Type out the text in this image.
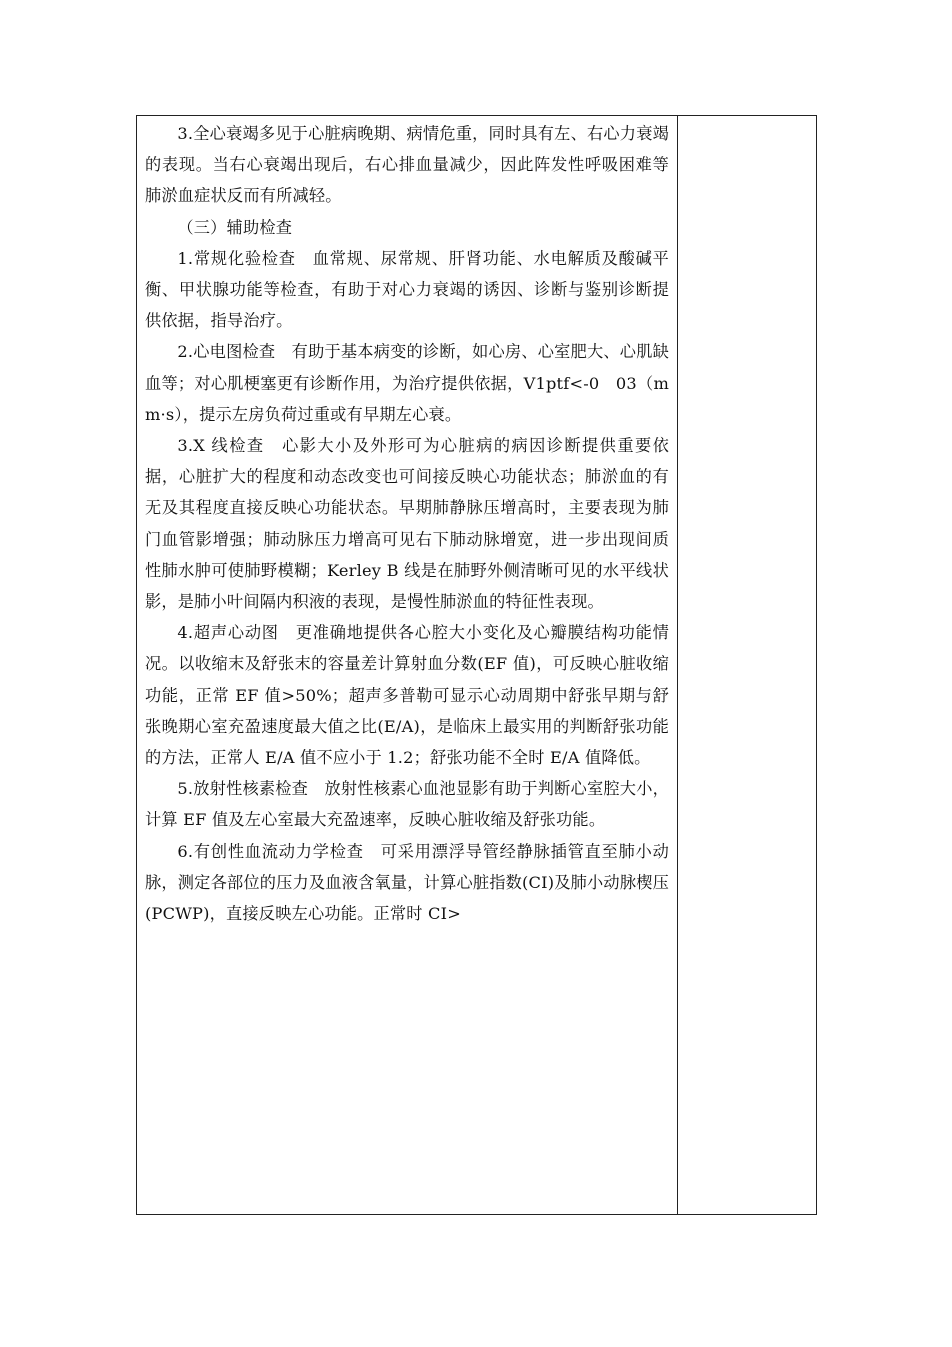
3.全心衰竭多见于心脏病晚期、病情危重，同时具有左、右心力衰竭的表现。当右心衰竭出现后，右心排血量减少，因此阵发性呼吸困难等肺淤血症状反而有所减轻。

（三）辅助检查

1.常规化验检查　血常规、尿常规、肝肾功能、水电解质及酸碱平衡、甲状腺功能等检查，有助于对心力衰竭的诱因、诊断与鉴别诊断提供依据，指导治疗。

2.心电图检查　有助于基本病变的诊断，如心房、心室肥大、心肌缺血等；对心肌梗塞更有诊断作用，为治疗提供依据，V1ptf<-0　03（mm·s），提示左房负荷过重或有早期左心衰。

3.X 线检查　心影大小及外形可为心脏病的病因诊断提供重要依据，心脏扩大的程度和动态改变也可间接反映心功能状态；肺淤血的有无及其程度直接反映心功能状态。早期肺静脉压增高时，主要表现为肺门血管影增强；肺动脉压力增高可见右下肺动脉增宽，进一步出现间质性肺水肿可使肺野模糊；Kerley B 线是在肺野外侧清晰可见的水平线状影，是肺小叶间隔内积液的表现，是慢性肺淤血的特征性表现。

4.超声心动图　更准确地提供各心腔大小变化及心瓣膜结构功能情况。以收缩末及舒张末的容量差计算射血分数(EF 值)，可反映心脏收缩功能，正常 EF 值>50%；超声多普勒可显示心动周期中舒张早期与舒张晚期心室充盈速度最大值之比(E/A)，是临床上最实用的判断舒张功能的方法，正常人 E/A 值不应小于 1.2；舒张功能不全时 E/A 值降低。

5.放射性核素检查　放射性核素心血池显影有助于判断心室腔大小，计算 EF 值及左心室最大充盈速率，反映心脏收缩及舒张功能。

6.有创性血流动力学检查　可采用漂浮导管经静脉插管直至肺小动脉，测定各部位的压力及血液含氧量，计算心脏指数(CI)及肺小动脉楔压(PCWP)，直接反映左心功能。正常时 CI>
